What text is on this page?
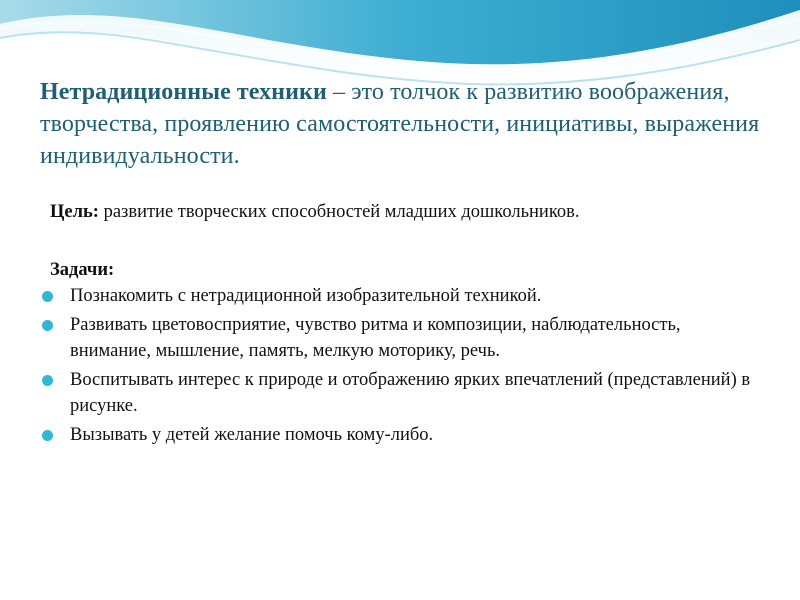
Нетрадиционные техники – это толчок к развитию воображения, творчества, проявлению самостоятельности, инициативы, выражения индивидуальности.
Цель: развитие творческих способностей младших дошкольников.
Задачи:
Познакомить с нетрадиционной изобразительной техникой.
Развивать цветовосприятие, чувство ритма и композиции, наблюдательность, внимание, мышление, память, мелкую моторику, речь.
Воспитывать интерес к природе и отображению ярких впечатлений (представлений) в рисунке.
Вызывать у детей желание помочь кому-либо.
